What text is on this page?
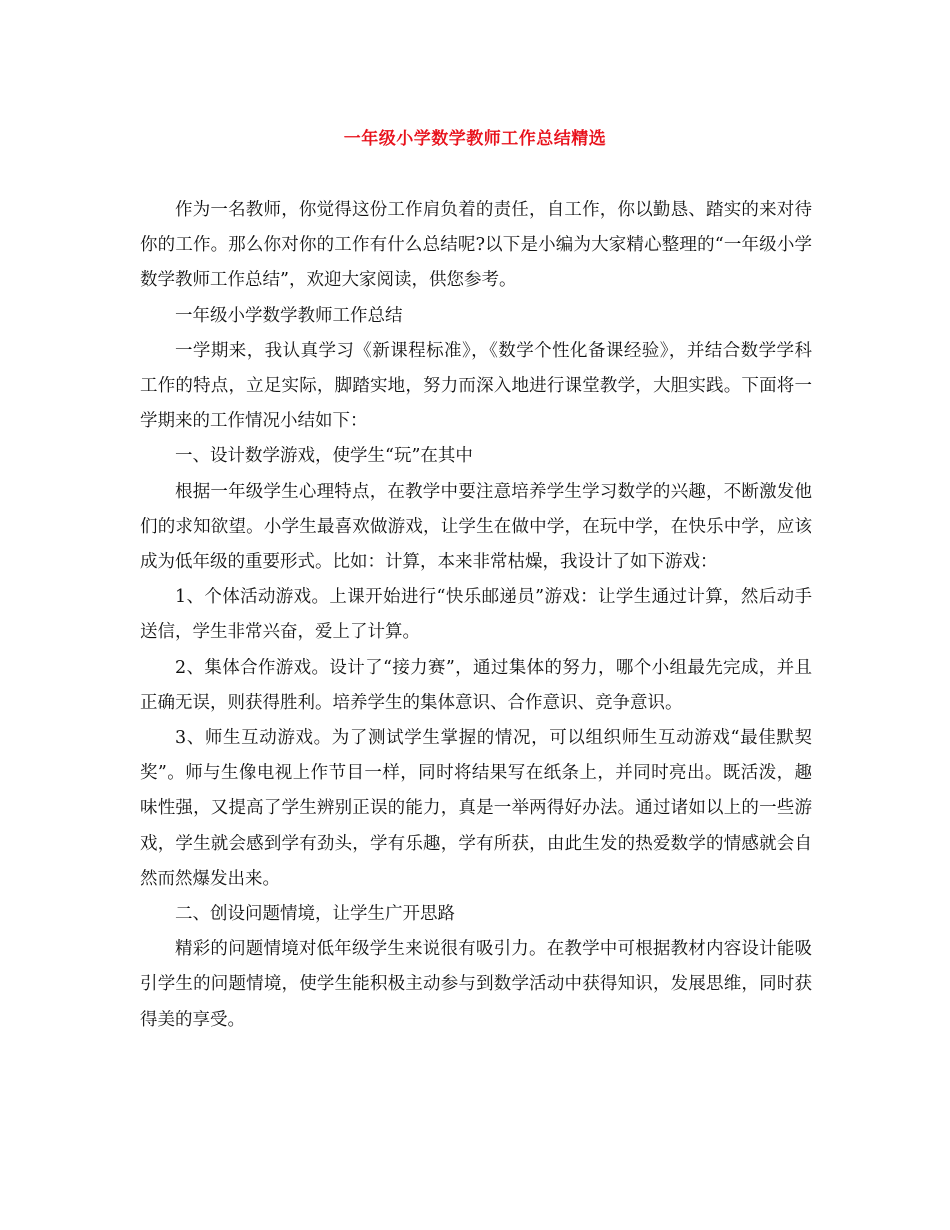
一年级小学数学教师工作总结精选

作为一名教师，你觉得这份工作肩负着的责任，自工作，你以勤恳、踏实的来对待你的工作。那么你对你的工作有什么总结呢?以下是小编为大家精心整理的“一年级小学数学教师工作总结”，欢迎大家阅读，供您参考。

一年级小学数学教师工作总结

一学期来，我认真学习《新课程标准》，《数学个性化备课经验》，并结合数学学科工作的特点，立足实际，脚踏实地，努力而深入地进行课堂教学，大胆实践。下面将一学期来的工作情况小结如下：

一、设计数学游戏，使学生“玩”在其中

根据一年级学生心理特点，在教学中要注意培养学生学习数学的兴趣，不断激发他们的求知欲望。小学生最喜欢做游戏，让学生在做中学，在玩中学，在快乐中学，应该成为低年级的重要形式。比如：计算，本来非常枯燥，我设计了如下游戏：

1、个体活动游戏。上课开始进行“快乐邮递员”游戏：让学生通过计算，然后动手送信，学生非常兴奋，爱上了计算。

2、集体合作游戏。设计了“接力赛”，通过集体的努力，哪个小组最先完成，并且正确无误，则获得胜利。培养学生的集体意识、合作意识、竞争意识。

3、师生互动游戏。为了测试学生掌握的情况，可以组织师生互动游戏“最佳默契奖”。师与生像电视上作节目一样，同时将结果写在纸条上，并同时亮出。既活泼，趣味性强，又提高了学生辨别正误的能力，真是一举两得好办法。通过诸如以上的一些游戏，学生就会感到学有劲头，学有乐趣，学有所获，由此生发的热爱数学的情感就会自然而然爆发出来。

二、创设问题情境，让学生广开思路

精彩的问题情境对低年级学生来说很有吸引力。在教学中可根据教材内容设计能吸引学生的问题情境，使学生能积极主动参与到数学活动中获得知识，发展思维，同时获得美的享受。
